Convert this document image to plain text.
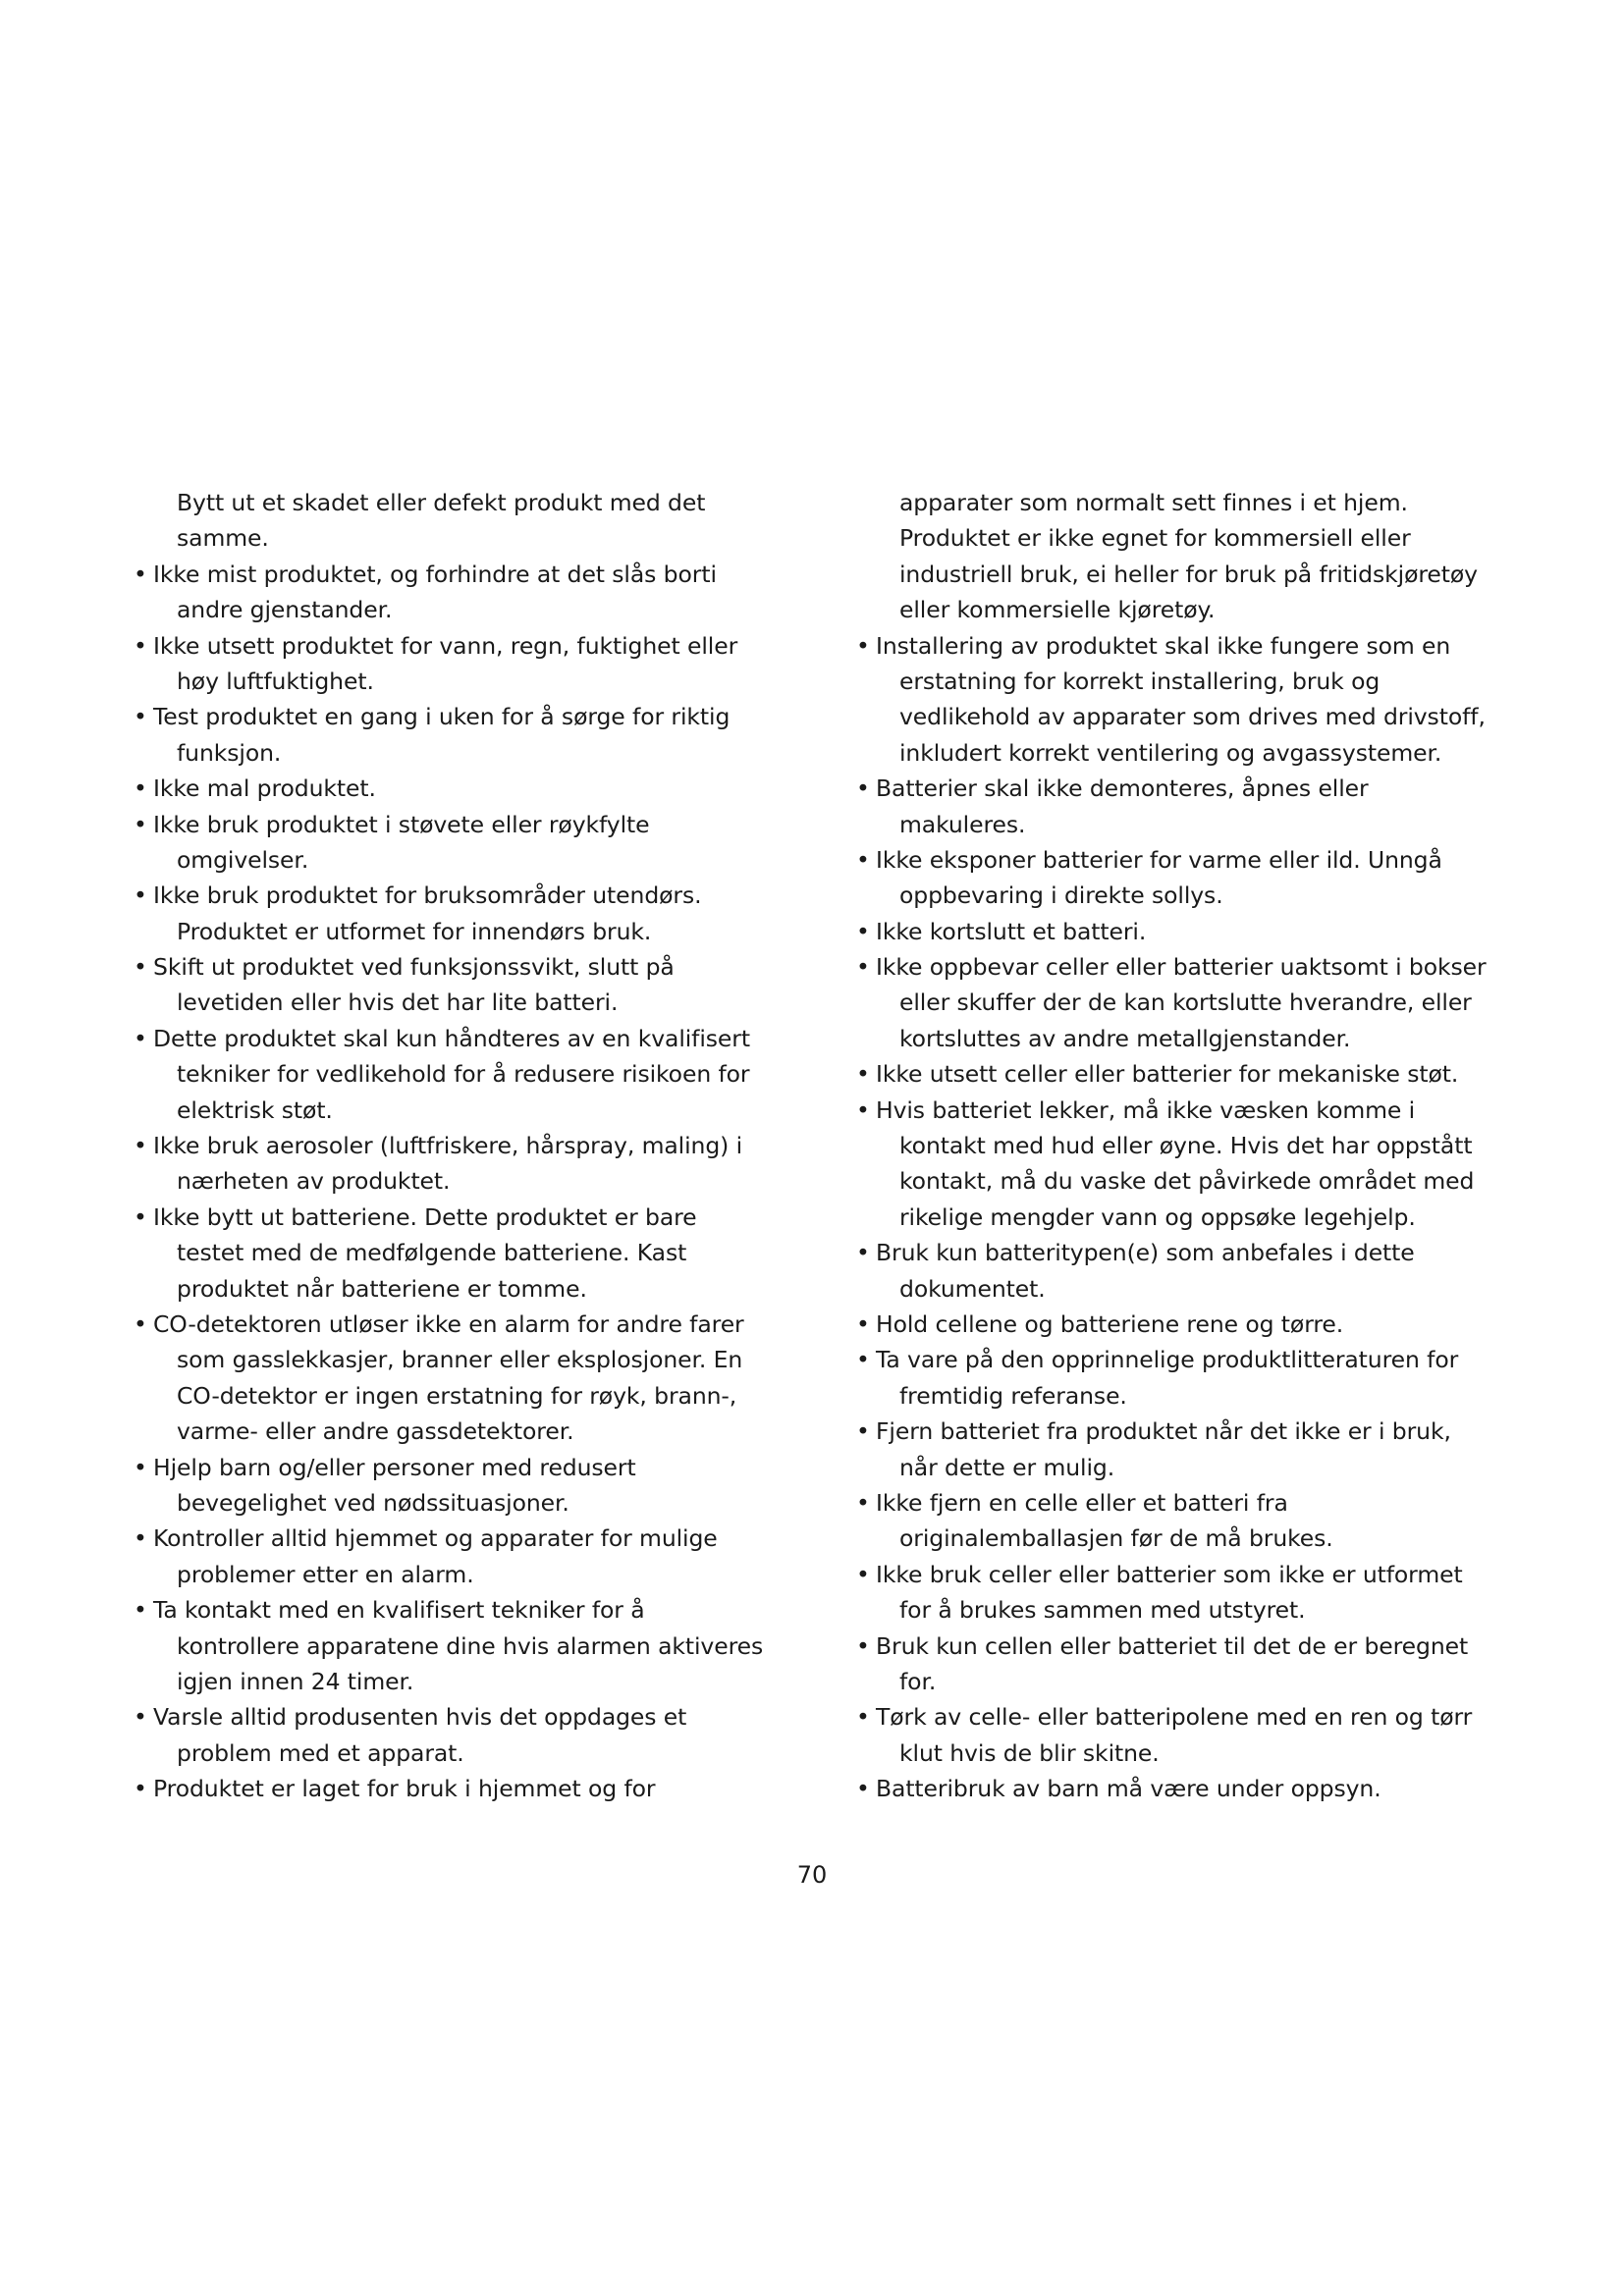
Bytt ut et skadet eller defekt produkt med det
samme.
• Ikke mist produktet, og forhindre at det slås borti
andre gjenstander.
• Ikke utsett produktet for vann, regn, fuktighet eller
høy luftfuktighet.
• Test produktet en gang i uken for å sørge for riktig
funksjon.
• Ikke mal produktet.
• Ikke bruk produktet i støvete eller røykfylte
omgivelser.
• Ikke bruk produktet for bruksområder utendørs.
Produktet er utformet for innendørs bruk.
• Skift ut produktet ved funksjonssvikt, slutt på
levetiden eller hvis det har lite batteri.
• Dette produktet skal kun håndteres av en kvalifisert
tekniker for vedlikehold for å redusere risikoen for
elektrisk støt.
• Ikke bruk aerosoler (luftfriskere, hårspray, maling) i
nærheten av produktet.
• Ikke bytt ut batteriene. Dette produktet er bare
testet med de medfølgende batteriene. Kast
produktet når batteriene er tomme.
• CO-detektoren utløser ikke en alarm for andre farer
som gasslekkasjer, branner eller eksplosjoner. En
CO-detektor er ingen erstatning for røyk, brann-,
varme- eller andre gassdetektorer.
• Hjelp barn og/eller personer med redusert
bevegelighet ved nødssituasjoner.
• Kontroller alltid hjemmet og apparater for mulige
problemer etter en alarm.
• Ta kontakt med en kvalifisert tekniker for å
kontrollere apparatene dine hvis alarmen aktiveres
igjen innen 24 timer.
• Varsle alltid produsenten hvis det oppdages et
problem med et apparat.
• Produktet er laget for bruk i hjemmet og for
apparater som normalt sett finnes i et hjem.
Produktet er ikke egnet for kommersiell eller
industriell bruk, ei heller for bruk på fritidskjøretøy
eller kommersielle kjøretøy.
• Installering av produktet skal ikke fungere som en
erstatning for korrekt installering, bruk og
vedlikehold av apparater som drives med drivstoff,
inkludert korrekt ventilering og avgassystemer.
• Batterier skal ikke demonteres, åpnes eller
makuleres.
• Ikke eksponer batterier for varme eller ild. Unngå
oppbevaring i direkte sollys.
• Ikke kortslutt et batteri.
• Ikke oppbevar celler eller batterier uaktsomt i bokser
eller skuffer der de kan kortslutte hverandre, eller
kortsluttes av andre metallgjenstander.
• Ikke utsett celler eller batterier for mekaniske støt.
• Hvis batteriet lekker, må ikke væsken komme i
kontakt med hud eller øyne. Hvis det har oppstått
kontakt, må du vaske det påvirkede området med
rikelige mengder vann og oppsøke legehjelp.
• Bruk kun batteritypen(e) som anbefales i dette
dokumentet.
• Hold cellene og batteriene rene og tørre.
• Ta vare på den opprinnelige produktlitteraturen for
fremtidig referanse.
• Fjern batteriet fra produktet når det ikke er i bruk,
når dette er mulig.
• Ikke fjern en celle eller et batteri fra
originalemballasjen før de må brukes.
• Ikke bruk celler eller batterier som ikke er utformet
for å brukes sammen med utstyret.
• Bruk kun cellen eller batteriet til det de er beregnet
for.
• Tørk av celle- eller batteripolene med en ren og tørr
klut hvis de blir skitne.
• Batteribruk av barn må være under oppsyn.
70
